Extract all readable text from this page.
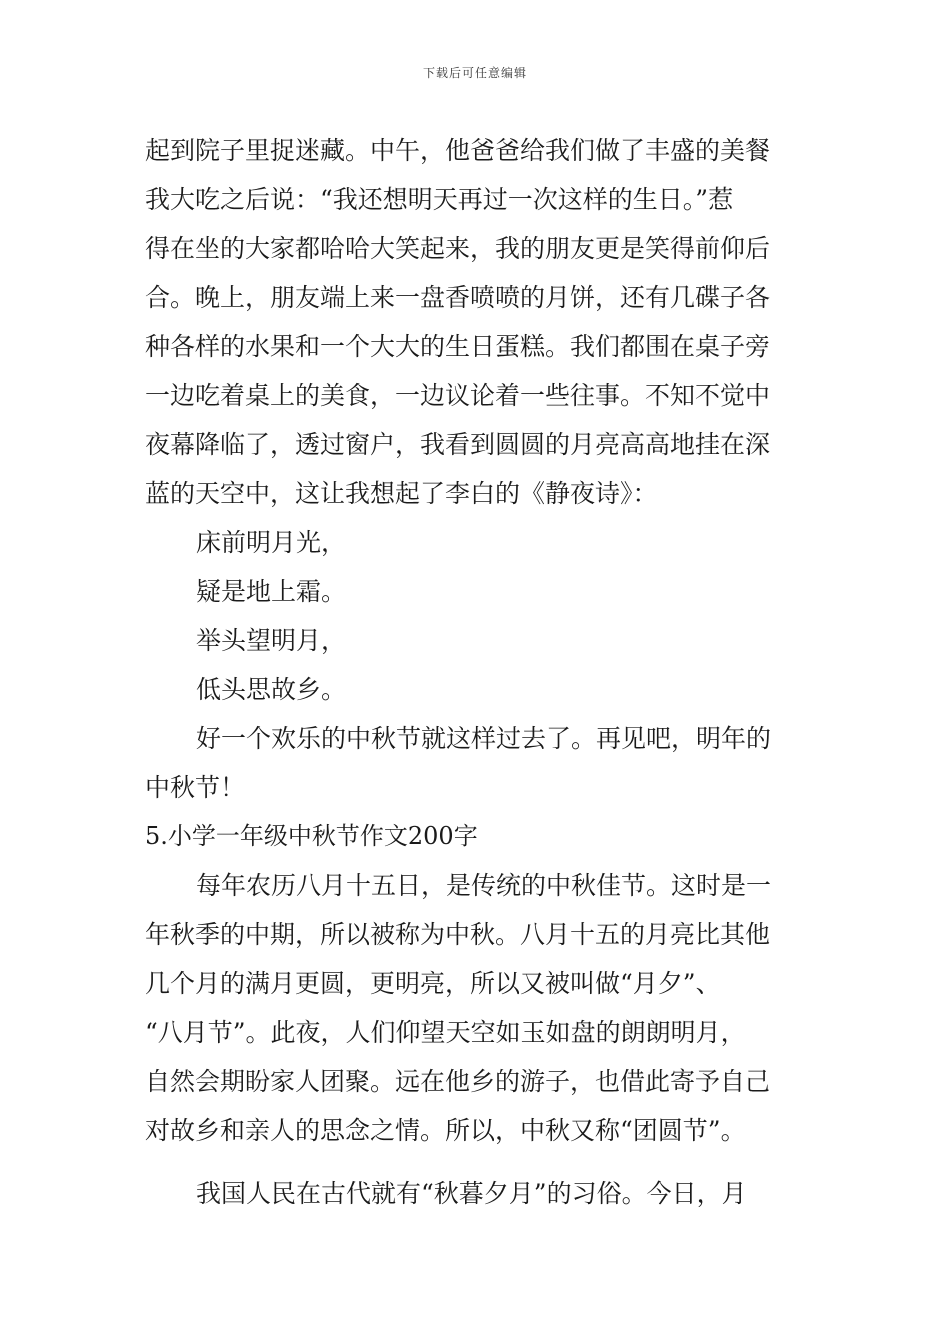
下载后可任意编辑
起到院子里捉迷藏。中午，他爸爸给我们做了丰盛的美餐
我大吃之后说：“我还想明天再过一次这样的生日。”惹
得在坐的大家都哈哈大笑起来，我的朋友更是笑得前仰后
合。晚上，朋友端上来一盘香喷喷的月饼，还有几碟子各
种各样的水果和一个大大的生日蛋糕。我们都围在桌子旁
一边吃着桌上的美食，一边议论着一些往事。不知不觉中
夜幕降临了，透过窗户，我看到圆圆的月亮高高地挂在深
蓝的天空中，这让我想起了李白的《静夜诗》：
床前明月光，
疑是地上霜。
举头望明月，
低头思故乡。
好一个欢乐的中秋节就这样过去了。再见吧，明年的
中秋节！
5.小学一年级中秋节作文200字
每年农历八月十五日，是传统的中秋佳节。这时是一
年秋季的中期，所以被称为中秋。八月十五的月亮比其他
几个月的满月更圆，更明亮，所以又被叫做“月夕”、
“八月节”。此夜，人们仰望天空如玉如盘的朗朗明月，
自然会期盼家人团聚。远在他乡的游子，也借此寄予自己
对故乡和亲人的思念之情。所以，中秋又称“团圆节”。
我国人民在古代就有“秋暮夕月”的习俗。今日，月
